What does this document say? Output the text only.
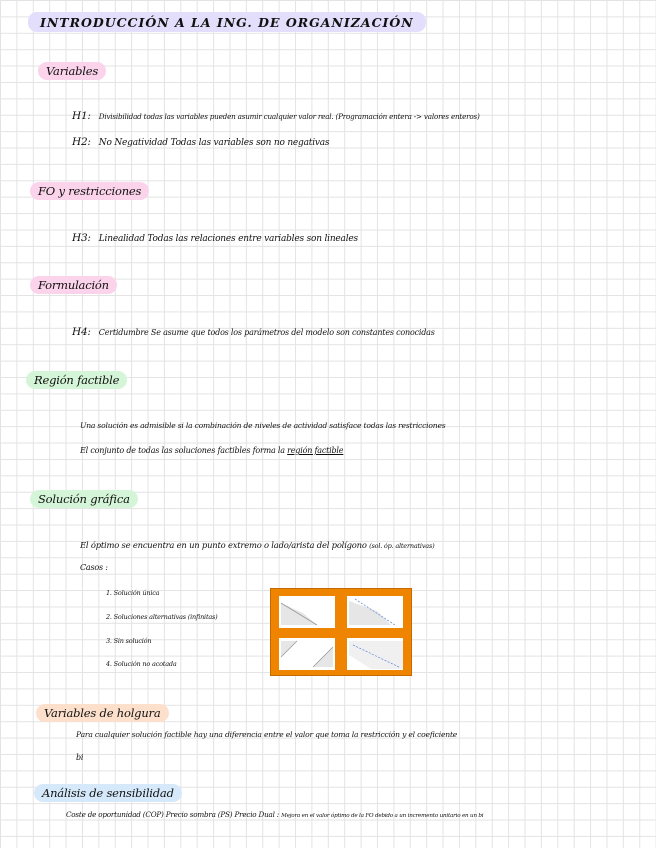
INTRODUCCIÓN A LA ING. DE ORGANIZACIÓN
Variables
H1: Divisibilidad todas las variables pueden asumir cualquier valor real. (Programación entera -> valores enteros)
H2: No Negatividad Todas las variables son no negativas
FO y restricciones
H3: Linealidad Todas las relaciones entre variables son lineales
Formulación
H4: Certidumbre Se asume que todos los parámetros del modelo son constantes conocidas
Región factible
Una solución es admisible si la combinación de niveles de actividad satisface todas las restricciones
El conjunto de todas las soluciones factibles forma la región factible
Solución gráfica
El óptimo se encuentra en un punto extremo o lado/arista del polígono (sol. óp. alternativas)
Casos :
1. Solución única
2. Soluciones alternativas (infinitas)
3. Sin solución
4. Solución no acotada
Variables de holgura
Para cualquier solución factible hay una diferencia entre el valor que toma la restricción y el coeficiente
bi
Análisis de sensibilidad
Coste de oportunidad (COP) Precio sombra (PS) Precio Dual : Mejora en el valor óptimo de la FO debido a un incremento unitario en un bi
